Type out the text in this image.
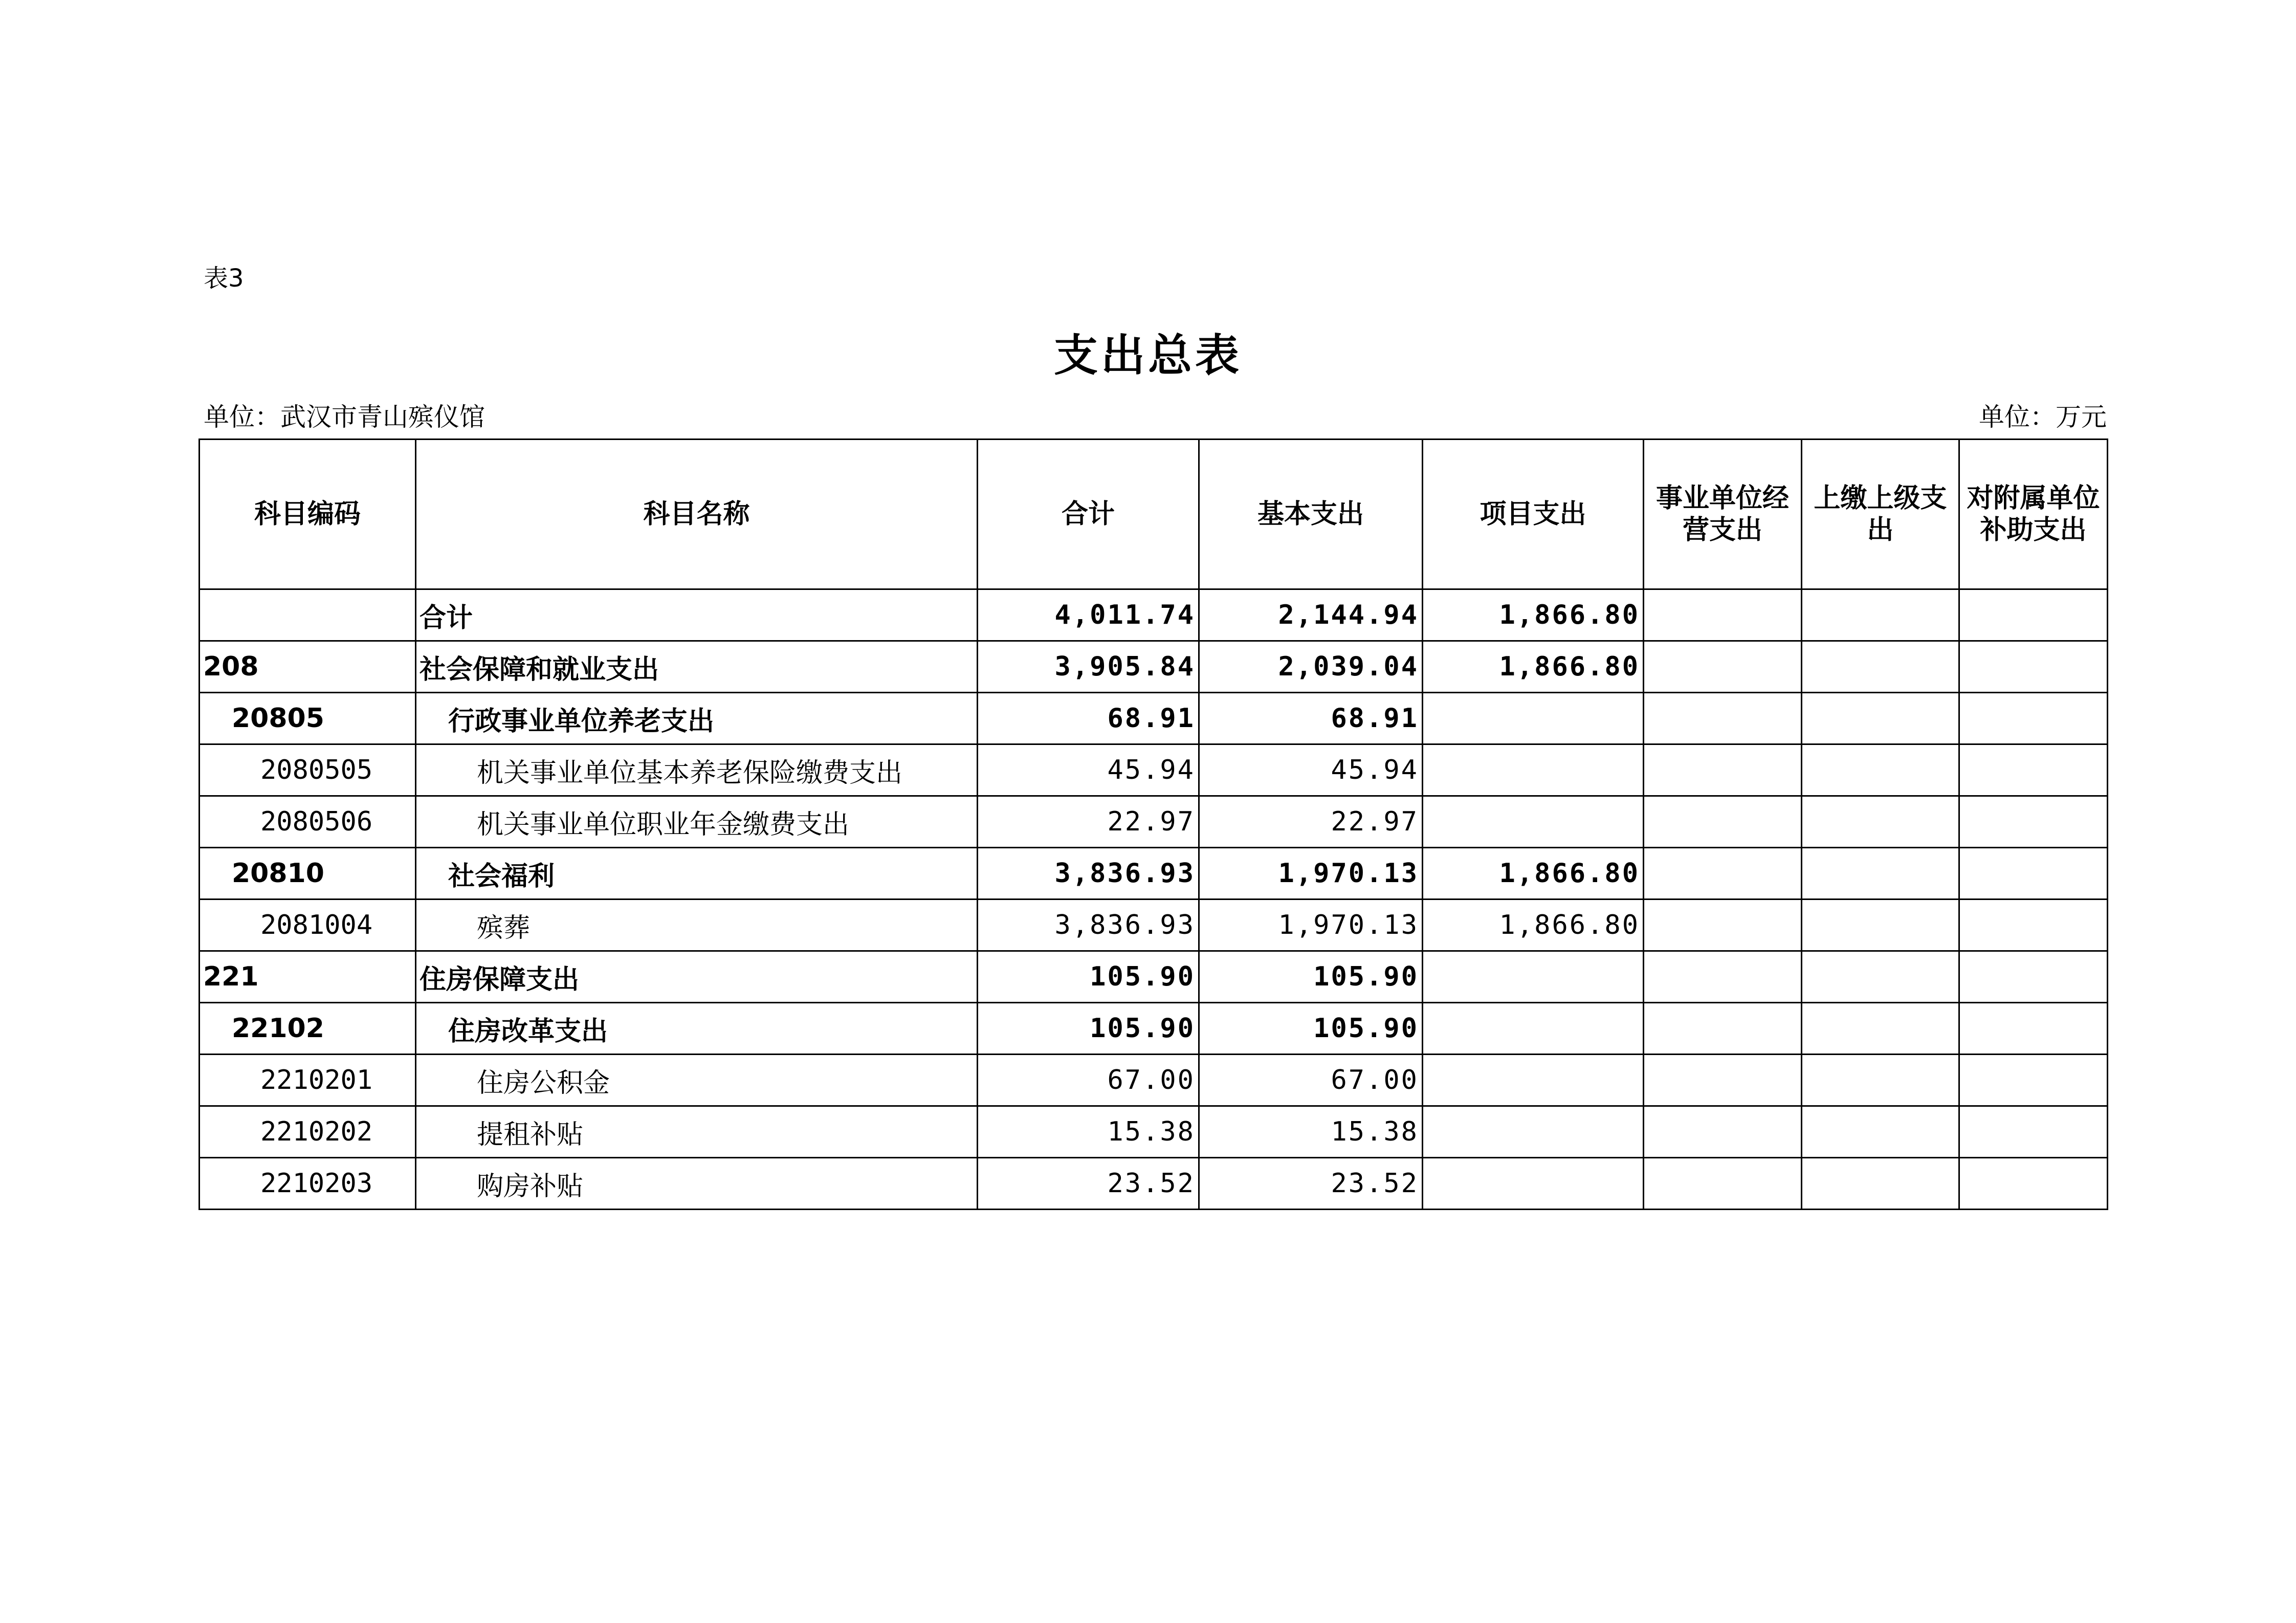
表3
支出总表
单位：武汉市青山殡仪馆	单位：万元
科目编码	科目名称	合计	基本支出	项目支出	事业单位经营支出	上缴上级支出	对附属单位补助支出
	合计	4,011.74	2,144.94	1,866.80			
208	社会保障和就业支出	3,905.84	2,039.04	1,866.80			
20805	行政事业单位养老支出	68.91	68.91				
2080505	机关事业单位基本养老保险缴费支出	45.94	45.94				
2080506	机关事业单位职业年金缴费支出	22.97	22.97				
20810	社会福利	3,836.93	1,970.13	1,866.80			
2081004	殡葬	3,836.93	1,970.13	1,866.80			
221	住房保障支出	105.90	105.90				
22102	住房改革支出	105.90	105.90				
2210201	住房公积金	67.00	67.00				
2210202	提租补贴	15.38	15.38				
2210203	购房补贴	23.52	23.52				
